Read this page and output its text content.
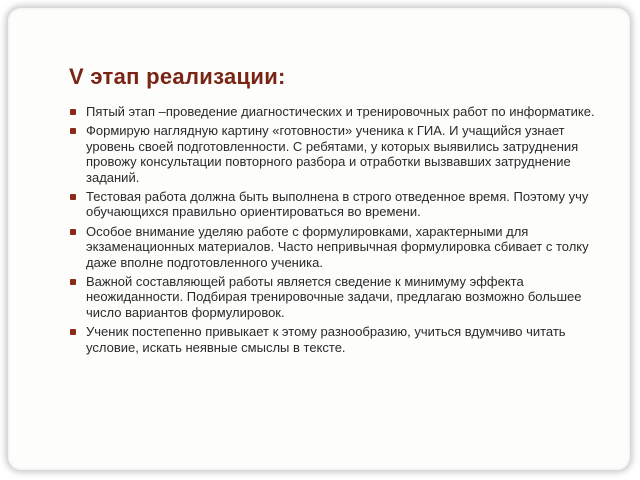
V этап реализации:
Пятый этап –проведение диагностических и тренировочных работ по информатике.
Формирую наглядную картину «готовности» ученика к ГИА. И учащийся узнает уровень своей подготовленности. С ребятами, у которых выявились затруднения провожу консультации повторного разбора и отработки вызвавших затруднение заданий.
Тестовая работа должна быть выполнена в строго отведенное время. Поэтому учу обучающихся правильно ориентироваться во времени.
Особое внимание уделяю работе с формулировками, характерными для экзаменационных материалов. Часто непривычная формулировка сбивает с толку даже вполне подготовленного ученика.
Важной составляющей работы является сведение к минимуму эффекта неожиданности. Подбирая тренировочные задачи, предлагаю возможно большее число вариантов формулировок.
Ученик постепенно привыкает к этому разнообразию, учиться вдумчиво читать условие, искать неявные смыслы в тексте.
